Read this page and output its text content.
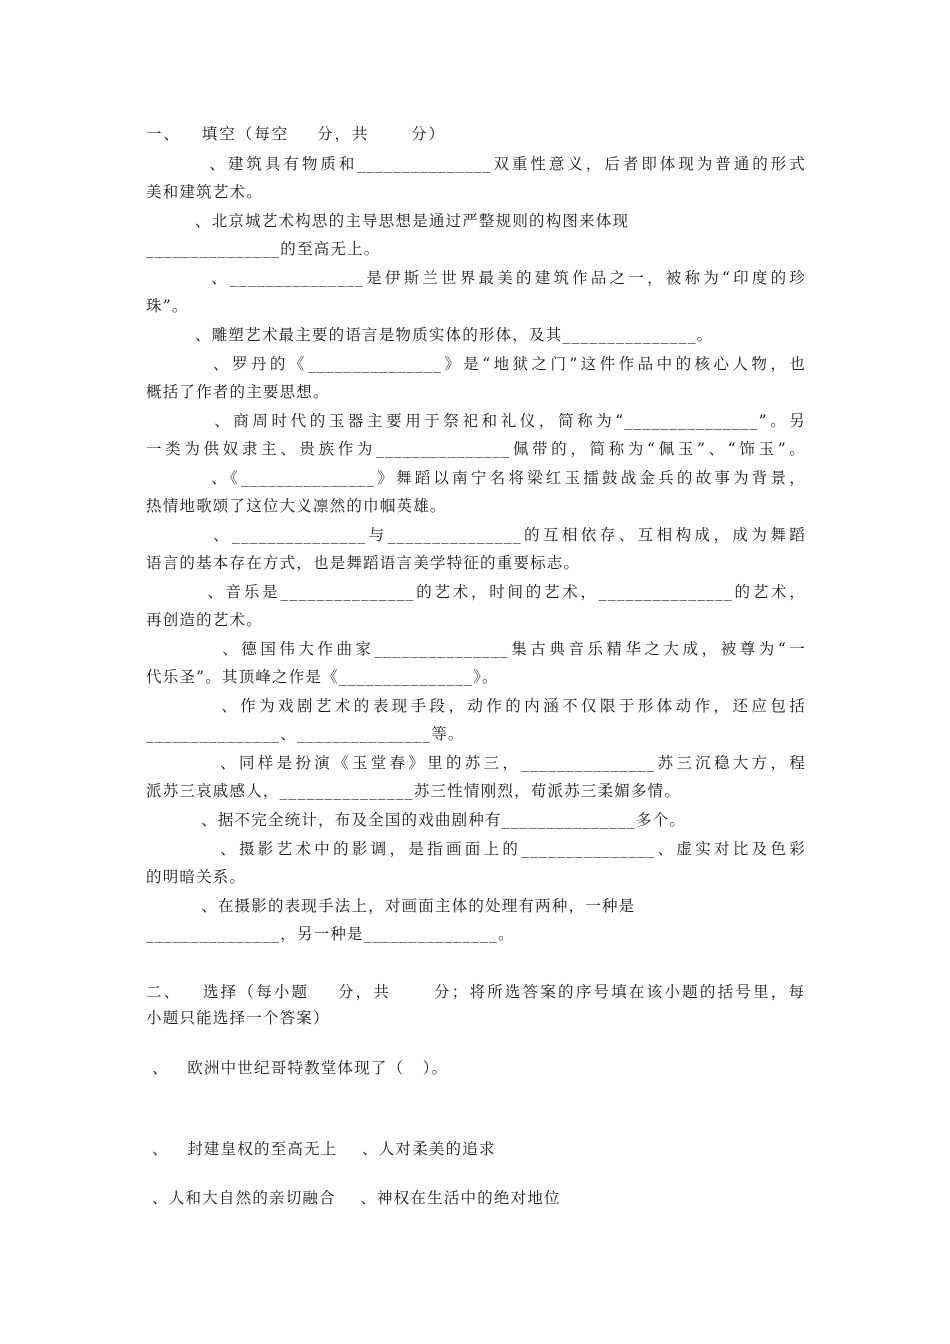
一、   填空（每空    分，共      分）
、建筑具有物质和_______________双重性意义，后者即体现为普通的形式
美和建筑艺术。
、北京城艺术构思的主导思想是通过严整规则的构图来体现
_______________的至高无上。
、_______________是伊斯兰世界最美的建筑作品之一，被称为“印度的珍
珠”。
、雕塑艺术最主要的语言是物质实体的形体，及其_______________。
、罗丹的《_______________》是“地狱之门”这件作品中的核心人物，也
概括了作者的主要思想。
、商周时代的玉器主要用于祭祀和礼仪，简称为“_______________”。另
一类为供奴隶主、贵族作为_______________佩带的，简称为“佩玉”、“饰玉”。
、《_______________》舞蹈以南宁名将梁红玉擂鼓战金兵的故事为背景，
热情地歌颂了这位大义凛然的巾帼英雄。
、_______________与_______________的互相依存、互相构成，成为舞蹈
语言的基本存在方式，也是舞蹈语言美学特征的重要标志。
、音乐是_______________的艺术，时间的艺术，_______________的艺术，
再创造的艺术。
、德国伟大作曲家_______________集古典音乐精华之大成，被尊为“一
代乐圣”。其顶峰之作是《_______________》。
、作为戏剧艺术的表现手段，动作的内涵不仅限于形体动作，还应包括
_______________、_______________等。
、同样是扮演《玉堂春》里的苏三，_______________苏三沉稳大方，程
派苏三哀戚感人，_______________苏三性情刚烈，荀派苏三柔媚多情。
、据不完全统计，布及全国的戏曲剧种有_______________多个。
、摄影艺术中的影调，是指画面上的_______________、虚实对比及色彩
的明暗关系。
、在摄影的表现手法上，对画面主体的处理有两种，一种是
_______________，另一种是_______________。
二、   选择（每小题    分，共      分；将所选答案的序号填在该小题的括号里，每
小题只能选择一个答案）
、   欧洲中世纪哥特教堂体现了（   ）。
、   封建皇权的至高无上    、人对柔美的追求
、人和大自然的亲切融合    、神权在生活中的绝对地位
